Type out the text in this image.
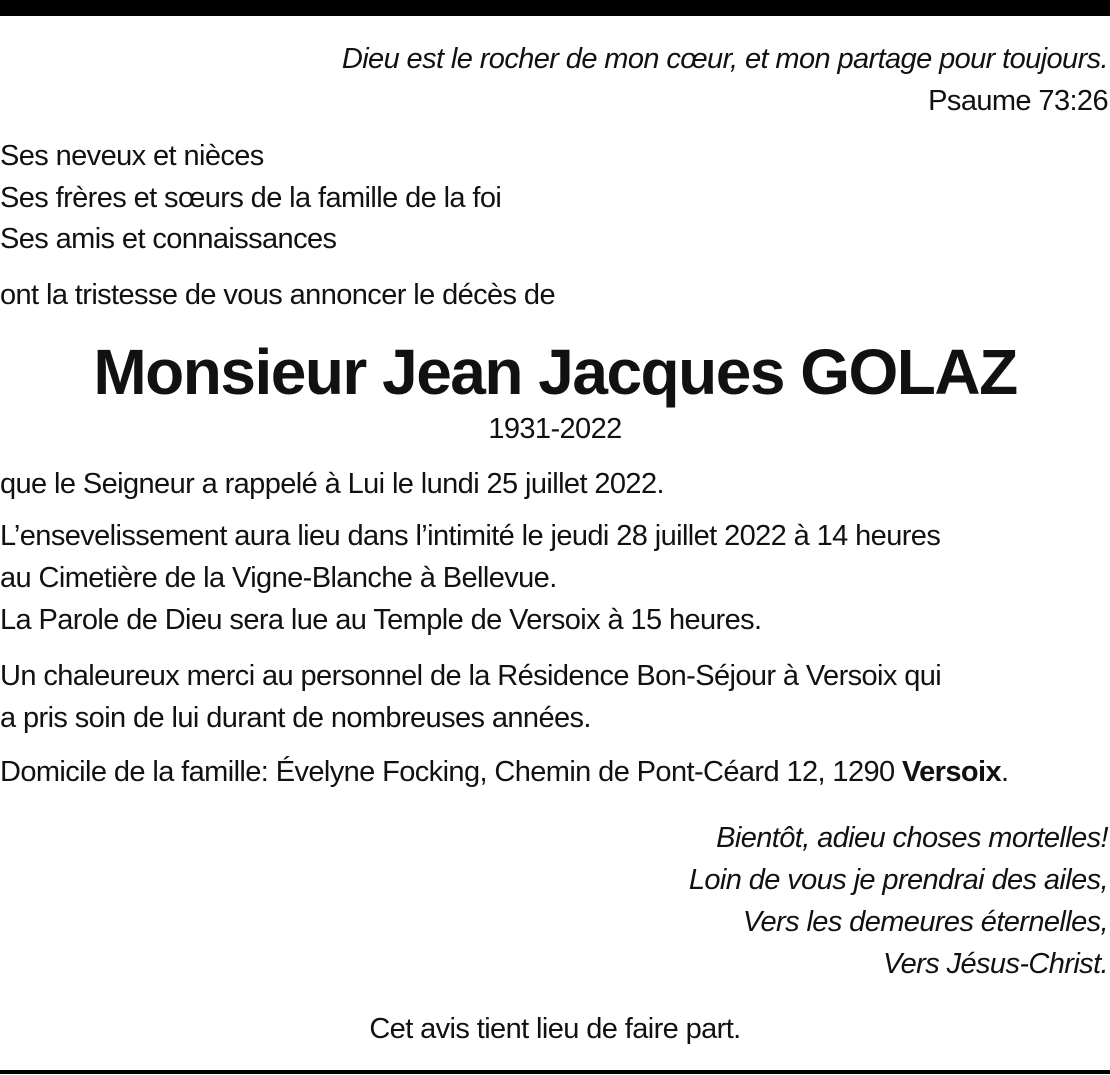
Dieu est le rocher de mon cœur, et mon partage pour toujours.
Psaume 73:26
Ses neveux et nièces
Ses frères et sœurs de la famille de la foi
Ses amis et connaissances
ont la tristesse de vous annoncer le décès de
Monsieur Jean Jacques GOLAZ
1931-2022
que le Seigneur a rappelé à Lui le lundi 25 juillet 2022.
L’ensevelissement aura lieu dans l’intimité le jeudi 28 juillet 2022 à 14 heures
au Cimetière de la Vigne-Blanche à Bellevue.
La Parole de Dieu sera lue au Temple de Versoix à 15 heures.
Un chaleureux merci au personnel de la Résidence Bon-Séjour à Versoix qui
a pris soin de lui durant de nombreuses années.
Domicile de la famille: Évelyne Focking, Chemin de Pont-Céard 12, 1290 Versoix.
Bientôt, adieu choses mortelles!
Loin de vous je prendrai des ailes,
Vers les demeures éternelles,
Vers Jésus-Christ.
Cet avis tient lieu de faire part.
